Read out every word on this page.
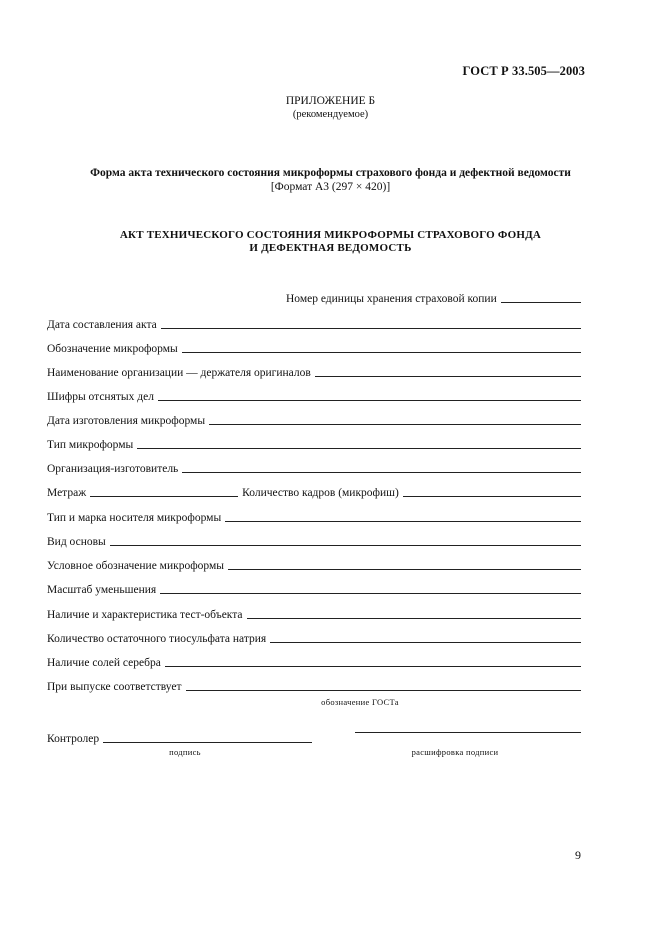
ГОСТ Р 33.505—2003
ПРИЛОЖЕНИЕ Б
(рекомендуемое)
Форма акта технического состояния микроформы страхового фонда и дефектной ведомости
[Формат А3 (297 × 420)]
АКТ ТЕХНИЧЕСКОГО СОСТОЯНИЯ МИКРОФОРМЫ СТРАХОВОГО ФОНДА
И ДЕФЕКТНАЯ ВЕДОМОСТЬ
Номер единицы хранения страховой копии
Дата составления акта
Обозначение микроформы
Наименование организации — держателя оригиналов
Шифры отснятых дел
Дата изготовления микроформы
Тип микроформы
Организация-изготовитель
Метраж	Количество кадров (микрофиш)
Тип и марка носителя микроформы
Вид основы
Условное обозначение микроформы
Масштаб уменьшения
Наличие и характеристика тест-объекта
Количество остаточного тиосульфата натрия
Наличие солей серебра
При выпуске соответствует
обозначение ГОСТа
Контролер
подпись	расшифровка подписи
9
